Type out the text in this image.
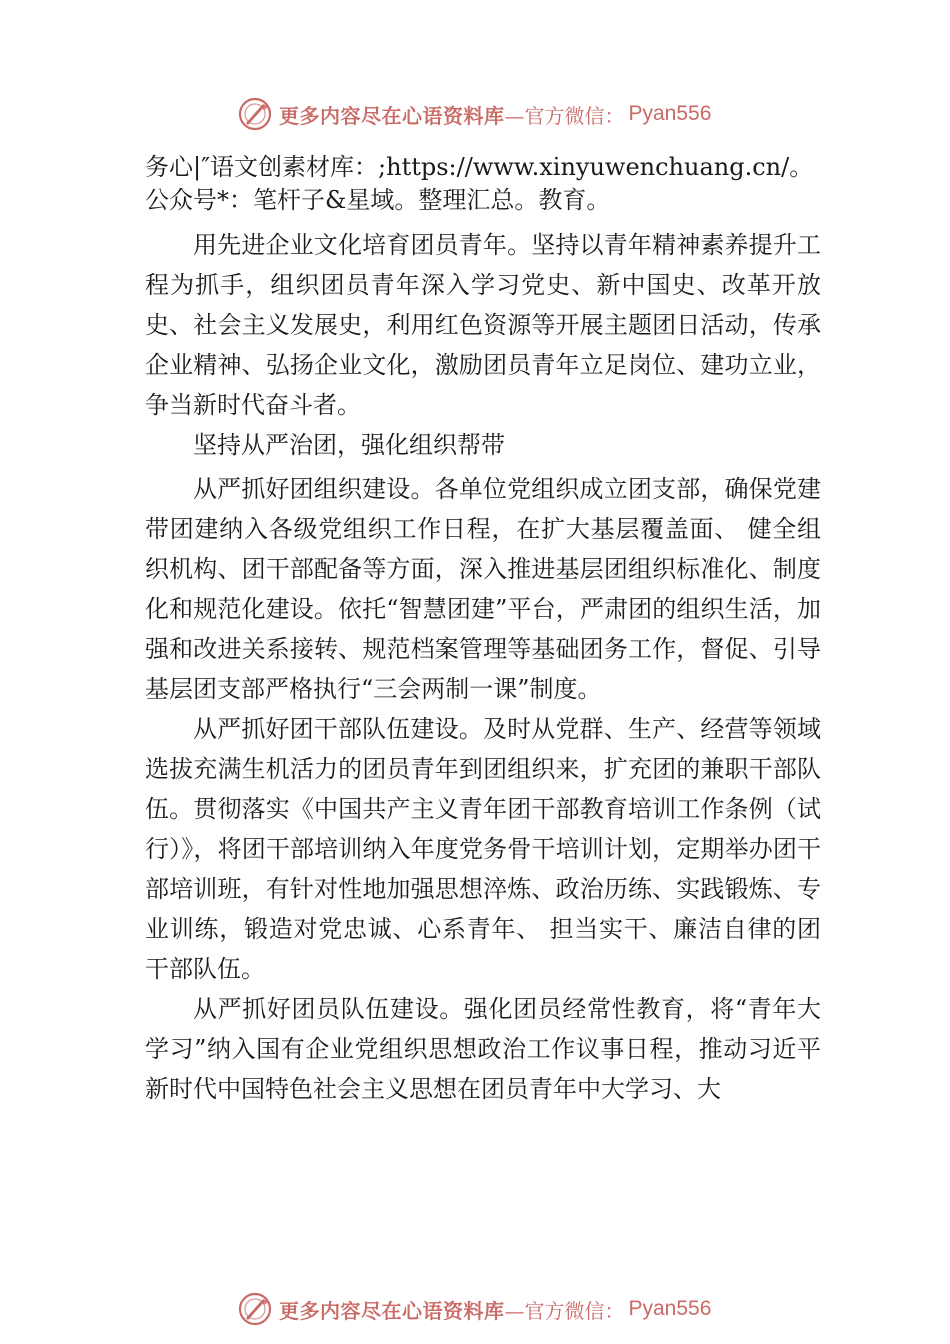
更多内容尽在心语资料库 —官方微信： Pyan556

务心|″语文创素材库：;https://www.xinyuwenchuang.cn/。

公众号*：笔杆子&星域。整理汇总。教育。

用先进企业文化培育团员青年。坚持以青年精神素养提升工程为抓手，组织团员青年深入学习党史、新中国史、改革开放史、社会主义发展史，利用红色资源等开展主题团日活动，传承企业精神、弘扬企业文化，激励团员青年立足岗位、建功立业，争当新时代奋斗者。

坚持从严治团，强化组织帮带

从严抓好团组织建设。各单位党组织成立团支部，确保党建带团建纳入各级党组织工作日程，在扩大基层覆盖面、 健全组织机构、团干部配备等方面，深入推进基层团组织标准化、制度化和规范化建设。依托“智慧团建”平台，严肃团的组织生活，加强和改进关系接转、规范档案管理等基础团务工作，督促、引导基层团支部严格执行“三会两制一课”制度。

从严抓好团干部队伍建设。及时从党群、生产、经营等领域选拔充满生机活力的团员青年到团组织来，扩充团的兼职干部队伍。贯彻落实《中国共产主义青年团干部教育培训工作条例（试行）》，将团干部培训纳入年度党务骨干培训计划，定期举办团干部培训班，有针对性地加强思想淬炼、政治历练、实践锻炼、专业训练，锻造对党忠诚、心系青年、 担当实干、廉洁自律的团干部队伍。

从严抓好团员队伍建设。强化团员经常性教育，将“青年大学习”纳入国有企业党组织思想政治工作议事日程，推动习近平新时代中国特色社会主义思想在团员青年中大学习、大

更多内容尽在心语资料库 —官方微信： Pyan556
